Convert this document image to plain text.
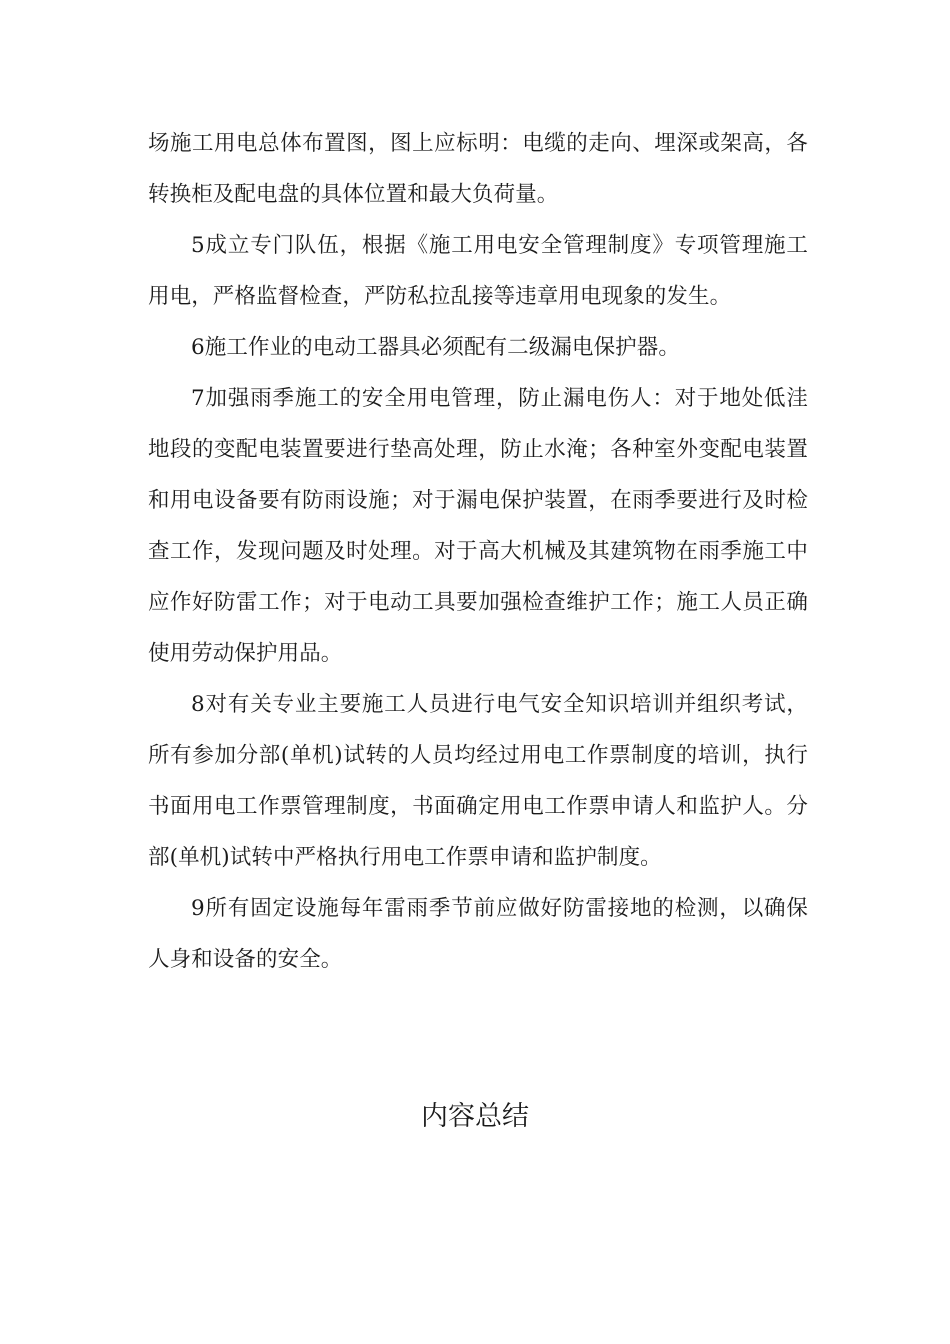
场施工用电总体布置图，图上应标明：电缆的走向、埋深或架高，各转换柜及配电盘的具体位置和最大负荷量。

5成立专门队伍，根据《施工用电安全管理制度》专项管理施工用电，严格监督检查，严防私拉乱接等违章用电现象的发生。

6施工作业的电动工器具必须配有二级漏电保护器。

7加强雨季施工的安全用电管理，防止漏电伤人：对于地处低洼地段的变配电装置要进行垫高处理，防止水淹；各种室外变配电装置和用电设备要有防雨设施；对于漏电保护装置，在雨季要进行及时检查工作，发现问题及时处理。对于高大机械及其建筑物在雨季施工中应作好防雷工作；对于电动工具要加强检查维护工作；施工人员正确使用劳动保护用品。

8对有关专业主要施工人员进行电气安全知识培训并组织考试，所有参加分部(单机)试转的人员均经过用电工作票制度的培训，执行书面用电工作票管理制度，书面确定用电工作票申请人和监护人。分部(单机)试转中严格执行用电工作票申请和监护制度。

9所有固定设施每年雷雨季节前应做好防雷接地的检测，以确保人身和设备的安全。

内容总结
